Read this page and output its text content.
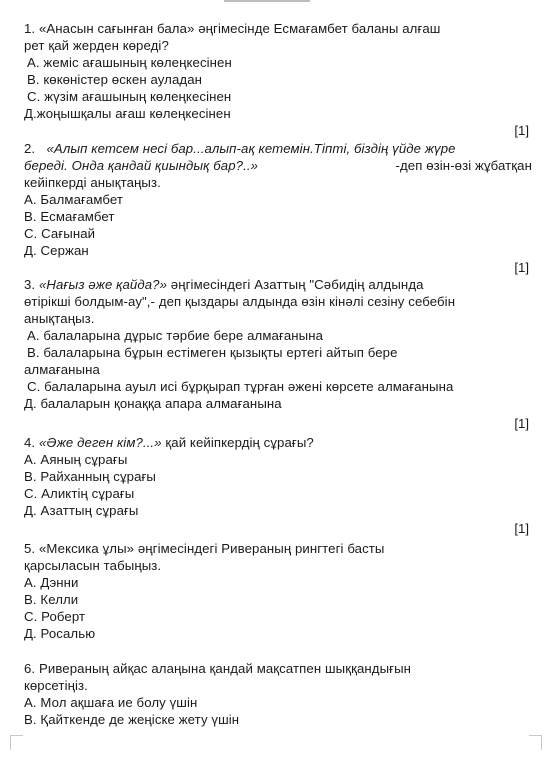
1. «Анасын сағынған бала» әңгімесінде Есмағамбет баланы алғаш
рет қай жерден көреді?
А. жеміс ағашының көлеңкесінен
В. көкөністер өскен ауладан
С. жүзім ағашының көлеңкесінен
Д.жоңышқалы ағаш көлеңкесінен
[1]
2. «Алып кетсем несі бар...алып-ақ кетемін.Тіпті, біздің үйде жүре
береді. Онда қандай қиындық бар?..»	-деп өзін-өзі жұбатқан
кейіпкерді анықтаңыз.
А. Балмағамбет
В. Есмағамбет
С. Сағынай
Д. Сержан
[1]
3. «Нағыз әже қайда?» әңгімесіндегі Азаттың "Сәбидің алдында
өтірікші болдым-ау",- деп қыздары алдында өзін кінәлі сезіну себебін
анықтаңыз.
А. балаларына дұрыс тәрбие бере алмағанына
В. балаларына бұрын естімеген қызықты ертегі айтып бере
алмағанына
С. балаларына ауыл исі бұрқырап тұрған әжені көрсете алмағанына
Д. балаларын қонаққа апара алмағанына
[1]
4. «Әже деген кім?...» қай кейіпкердің сұрағы?
А. Аяның сұрағы
В. Райханның сұрағы
С. Аликтің сұрағы
Д. Азаттың сұрағы
[1]
5. «Мексика ұлы» әңгімесіндегі Ривераның рингтегі басты
қарсыласын табыңыз.
А. Дэнни
В. Келли
С. Роберт
Д. Росалью
6. Ривераның айқас алаңына қандай мақсатпен шыққандығын
көрсетіңіз.
А. Мол ақшаға ие болу үшін
В. Қайткенде де жеңіске жету үшін
